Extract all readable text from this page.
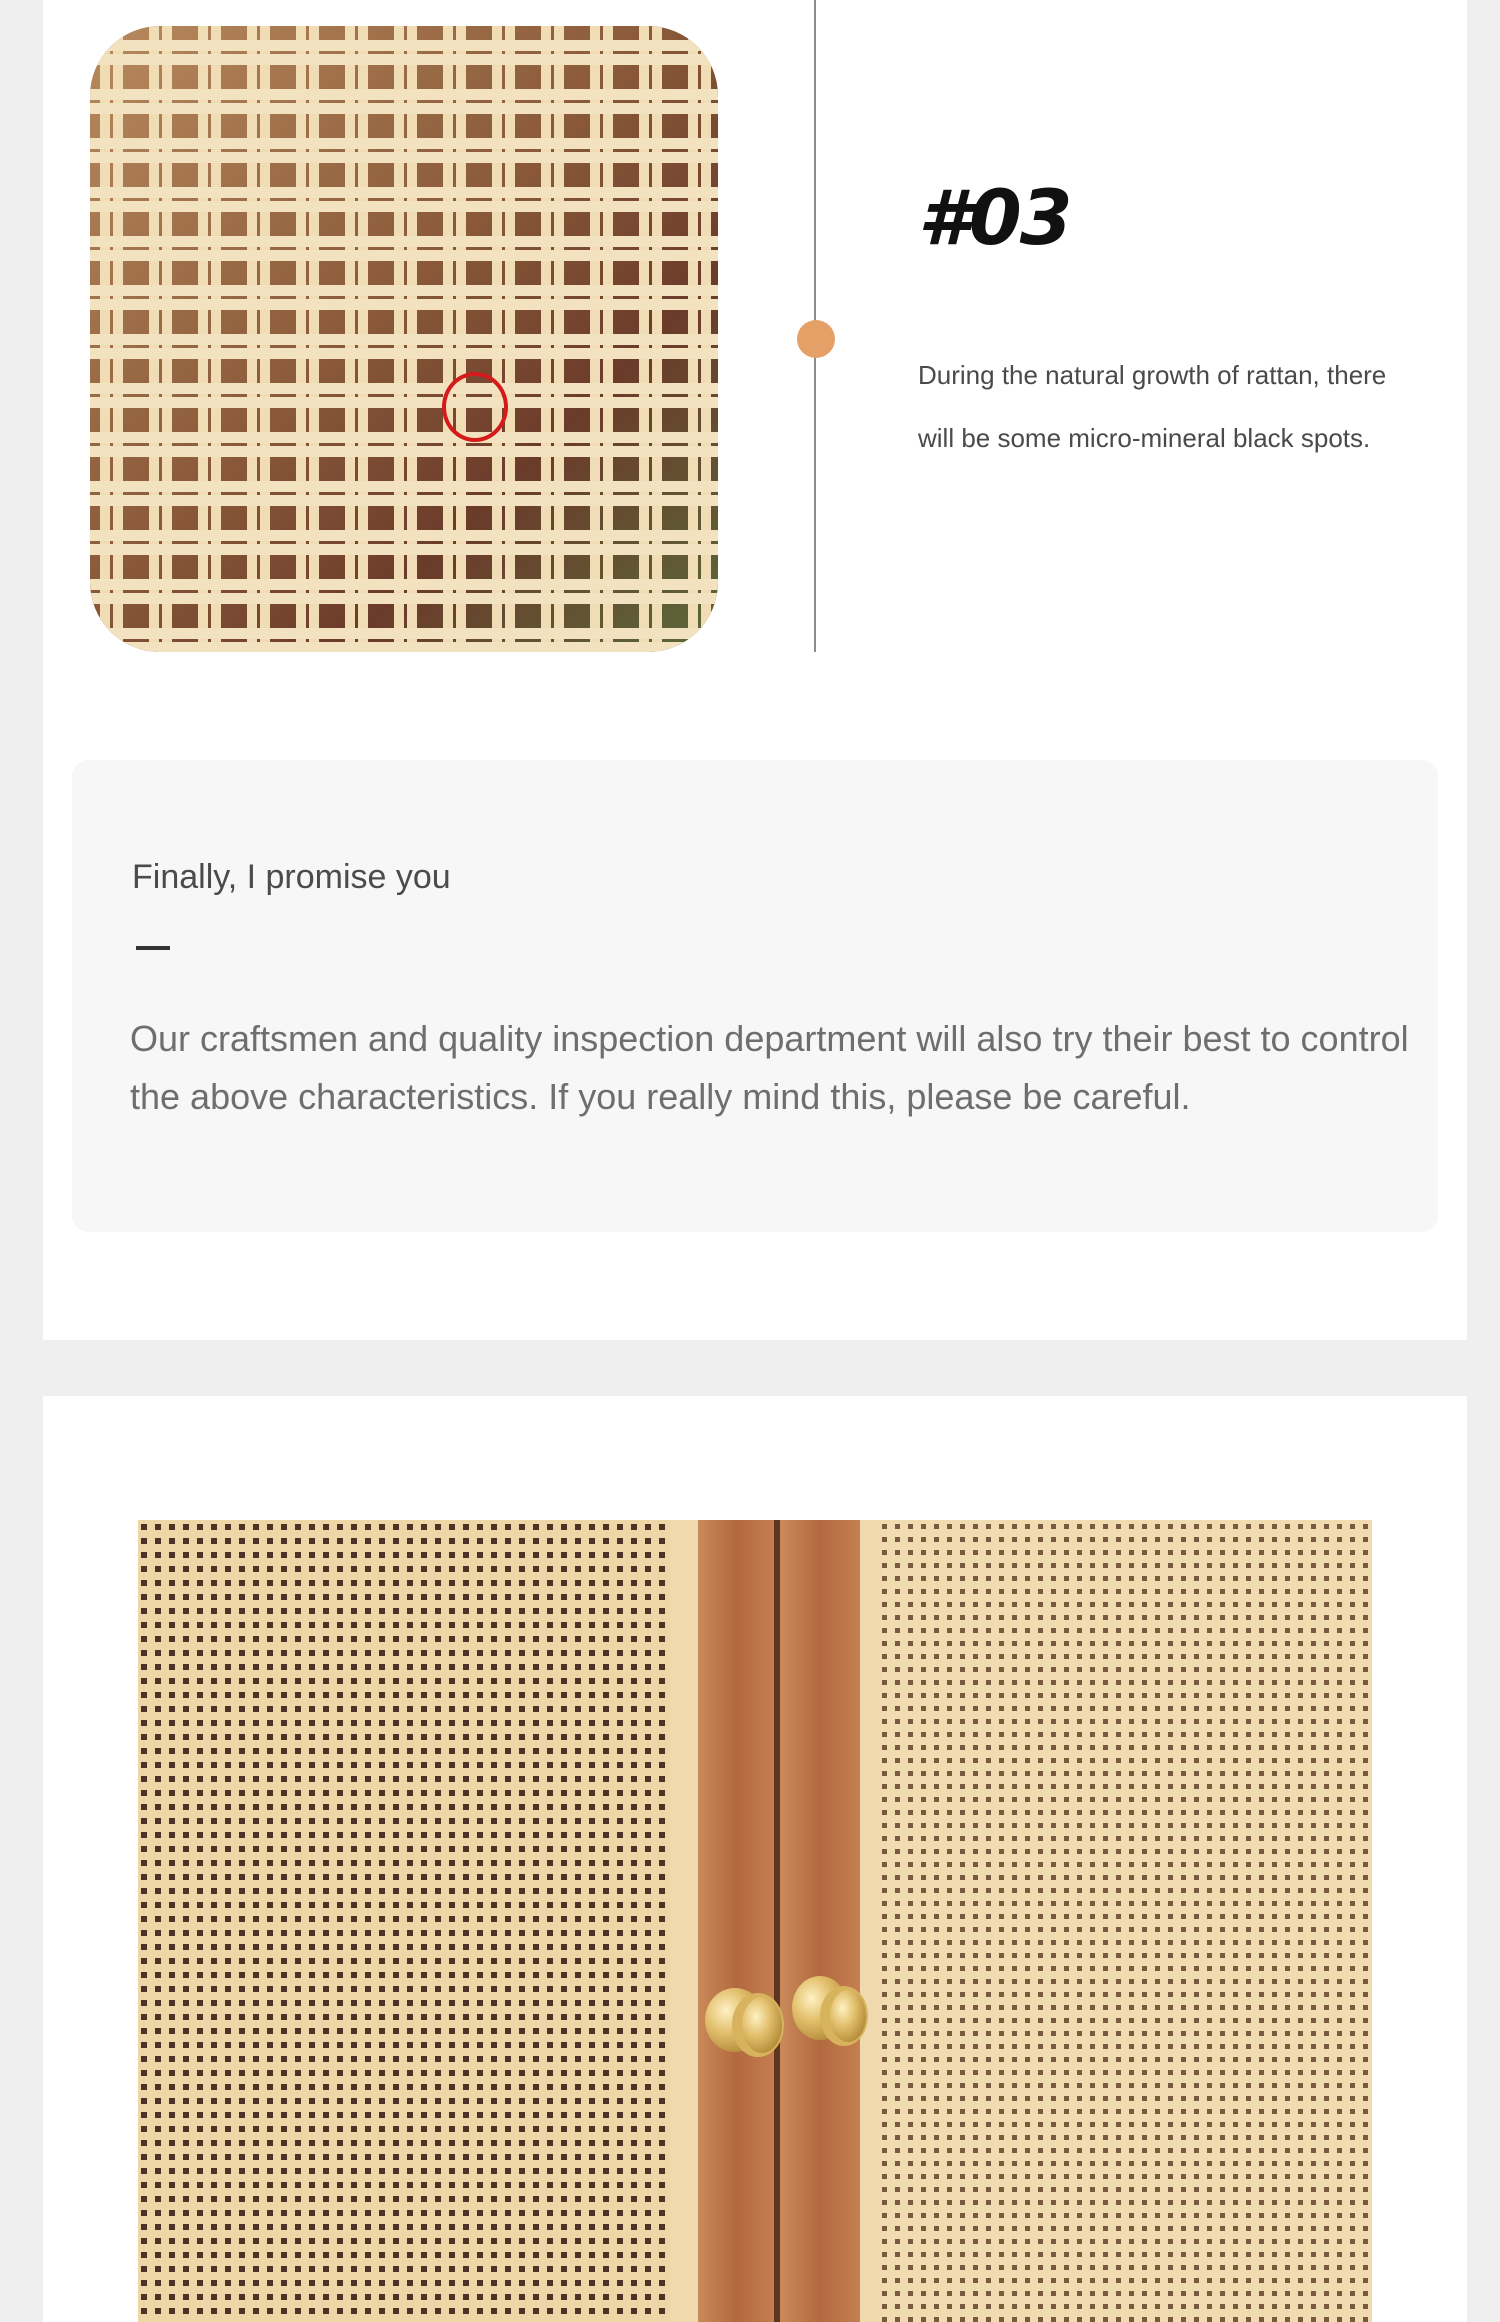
#03
During the natural growth of rattan, there will be some micro-mineral black spots.
Finally, I promise you
Our craftsmen and quality inspection department will also try their best to control the above characteristics. If you really mind this, please be careful.
